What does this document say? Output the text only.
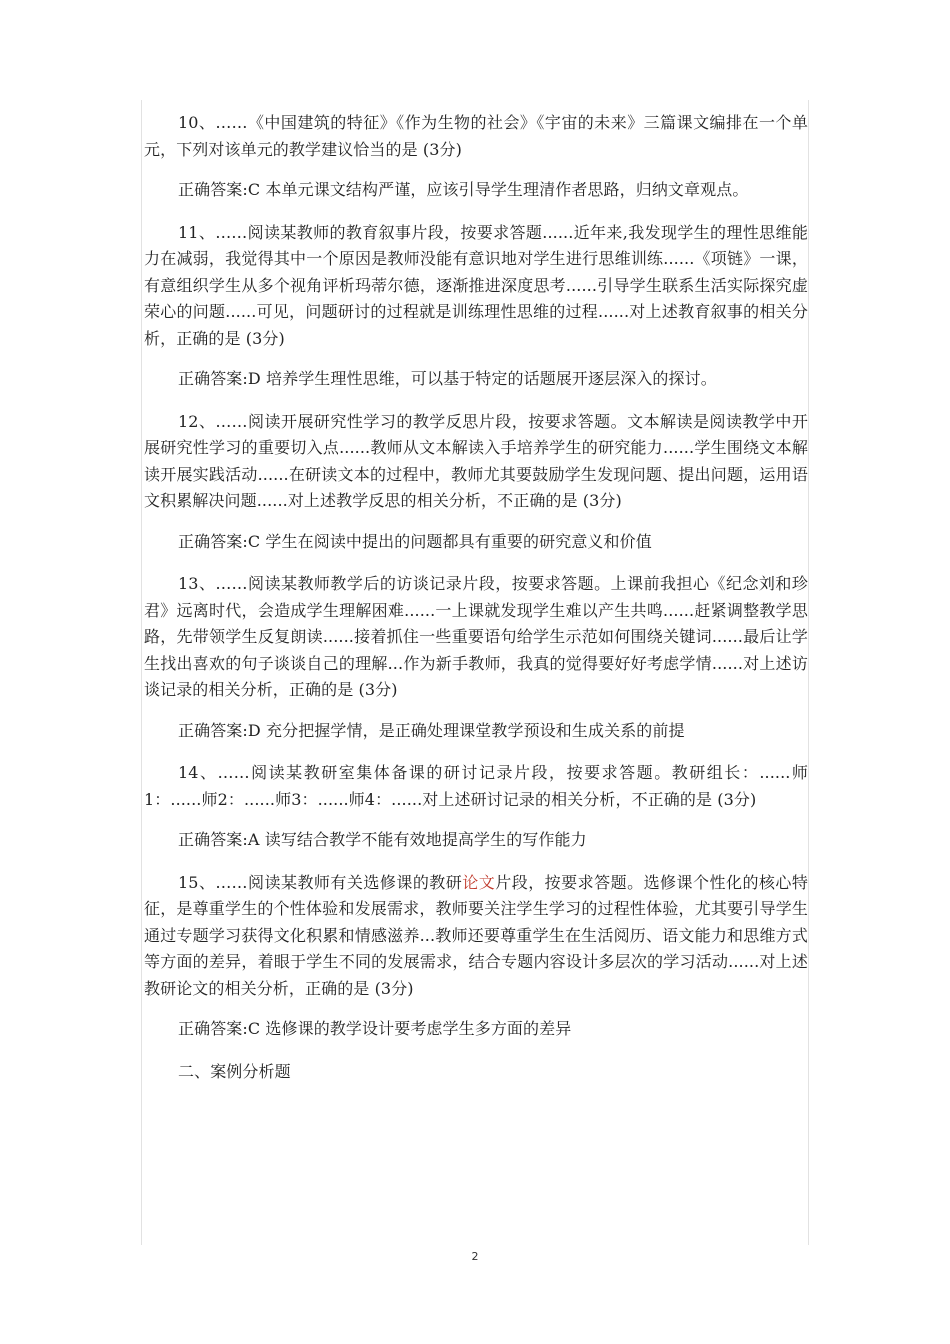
10、……《中国建筑的特征》《作为生物的社会》《宇宙的未来》三篇课文编排在一个单元，下列对该单元的教学建议恰当的是 (3分)

正确答案:C 本单元课文结构严谨，应该引导学生理清作者思路，归纳文章观点。

11、……阅读某教师的教育叙事片段，按要求答题......近年来,我发现学生的理性思维能力在减弱，我觉得其中一个原因是教师没能有意识地对学生进行思维训练......《项链》一课，有意组织学生从多个视角评析玛蒂尔德，逐渐推进深度思考......引导学生联系生活实际探究虚荣心的问题......可见，问题研讨的过程就是训练理性思维的过程......对上述教育叙事的相关分析，正确的是 (3分)

正确答案:D 培养学生理性思维，可以基于特定的话题展开逐层深入的探讨。

12、……阅读开展研究性学习的教学反思片段，按要求答题。文本解读是阅读教学中开展研究性学习的重要切入点......教师从文本解读入手培养学生的研究能力......学生围绕文本解读开展实践活动......在研读文本的过程中，教师尤其要鼓励学生发现问题、提出问题，运用语文积累解决问题......对上述教学反思的相关分析，不正确的是 (3分)

正确答案:C 学生在阅读中提出的问题都具有重要的研究意义和价值

13、……阅读某教师教学后的访谈记录片段，按要求答题。上课前我担心《纪念刘和珍君》远离时代，会造成学生理解困难......一上课就发现学生难以产生共鸣......赶紧调整教学思路，先带领学生反复朗读......接着抓住一些重要语句给学生示范如何围绕关键词......最后让学生找出喜欢的句子谈谈自己的理解...作为新手教师，我真的觉得要好好考虑学情......对上述访谈记录的相关分析，正确的是 (3分)

正确答案:D 充分把握学情，是正确处理课堂教学预设和生成关系的前提

14、……阅读某教研室集体备课的研讨记录片段，按要求答题。教研组长：......师1：......师2：......师3：......师4：......对上述研讨记录的相关分析，不正确的是 (3分)

正确答案:A 读写结合教学不能有效地提高学生的写作能力

15、……阅读某教师有关选修课的教研论文片段，按要求答题。选修课个性化的核心特征，是尊重学生的个性体验和发展需求，教师要关注学生学习的过程性体验，尤其要引导学生通过专题学习获得文化积累和情感滋养...教师还要尊重学生在生活阅历、语文能力和思维方式等方面的差异，着眼于学生不同的发展需求，结合专题内容设计多层次的学习活动......对上述教研论文的相关分析，正确的是 (3分)

正确答案:C 选修课的教学设计要考虑学生多方面的差异

二、案例分析题

2
